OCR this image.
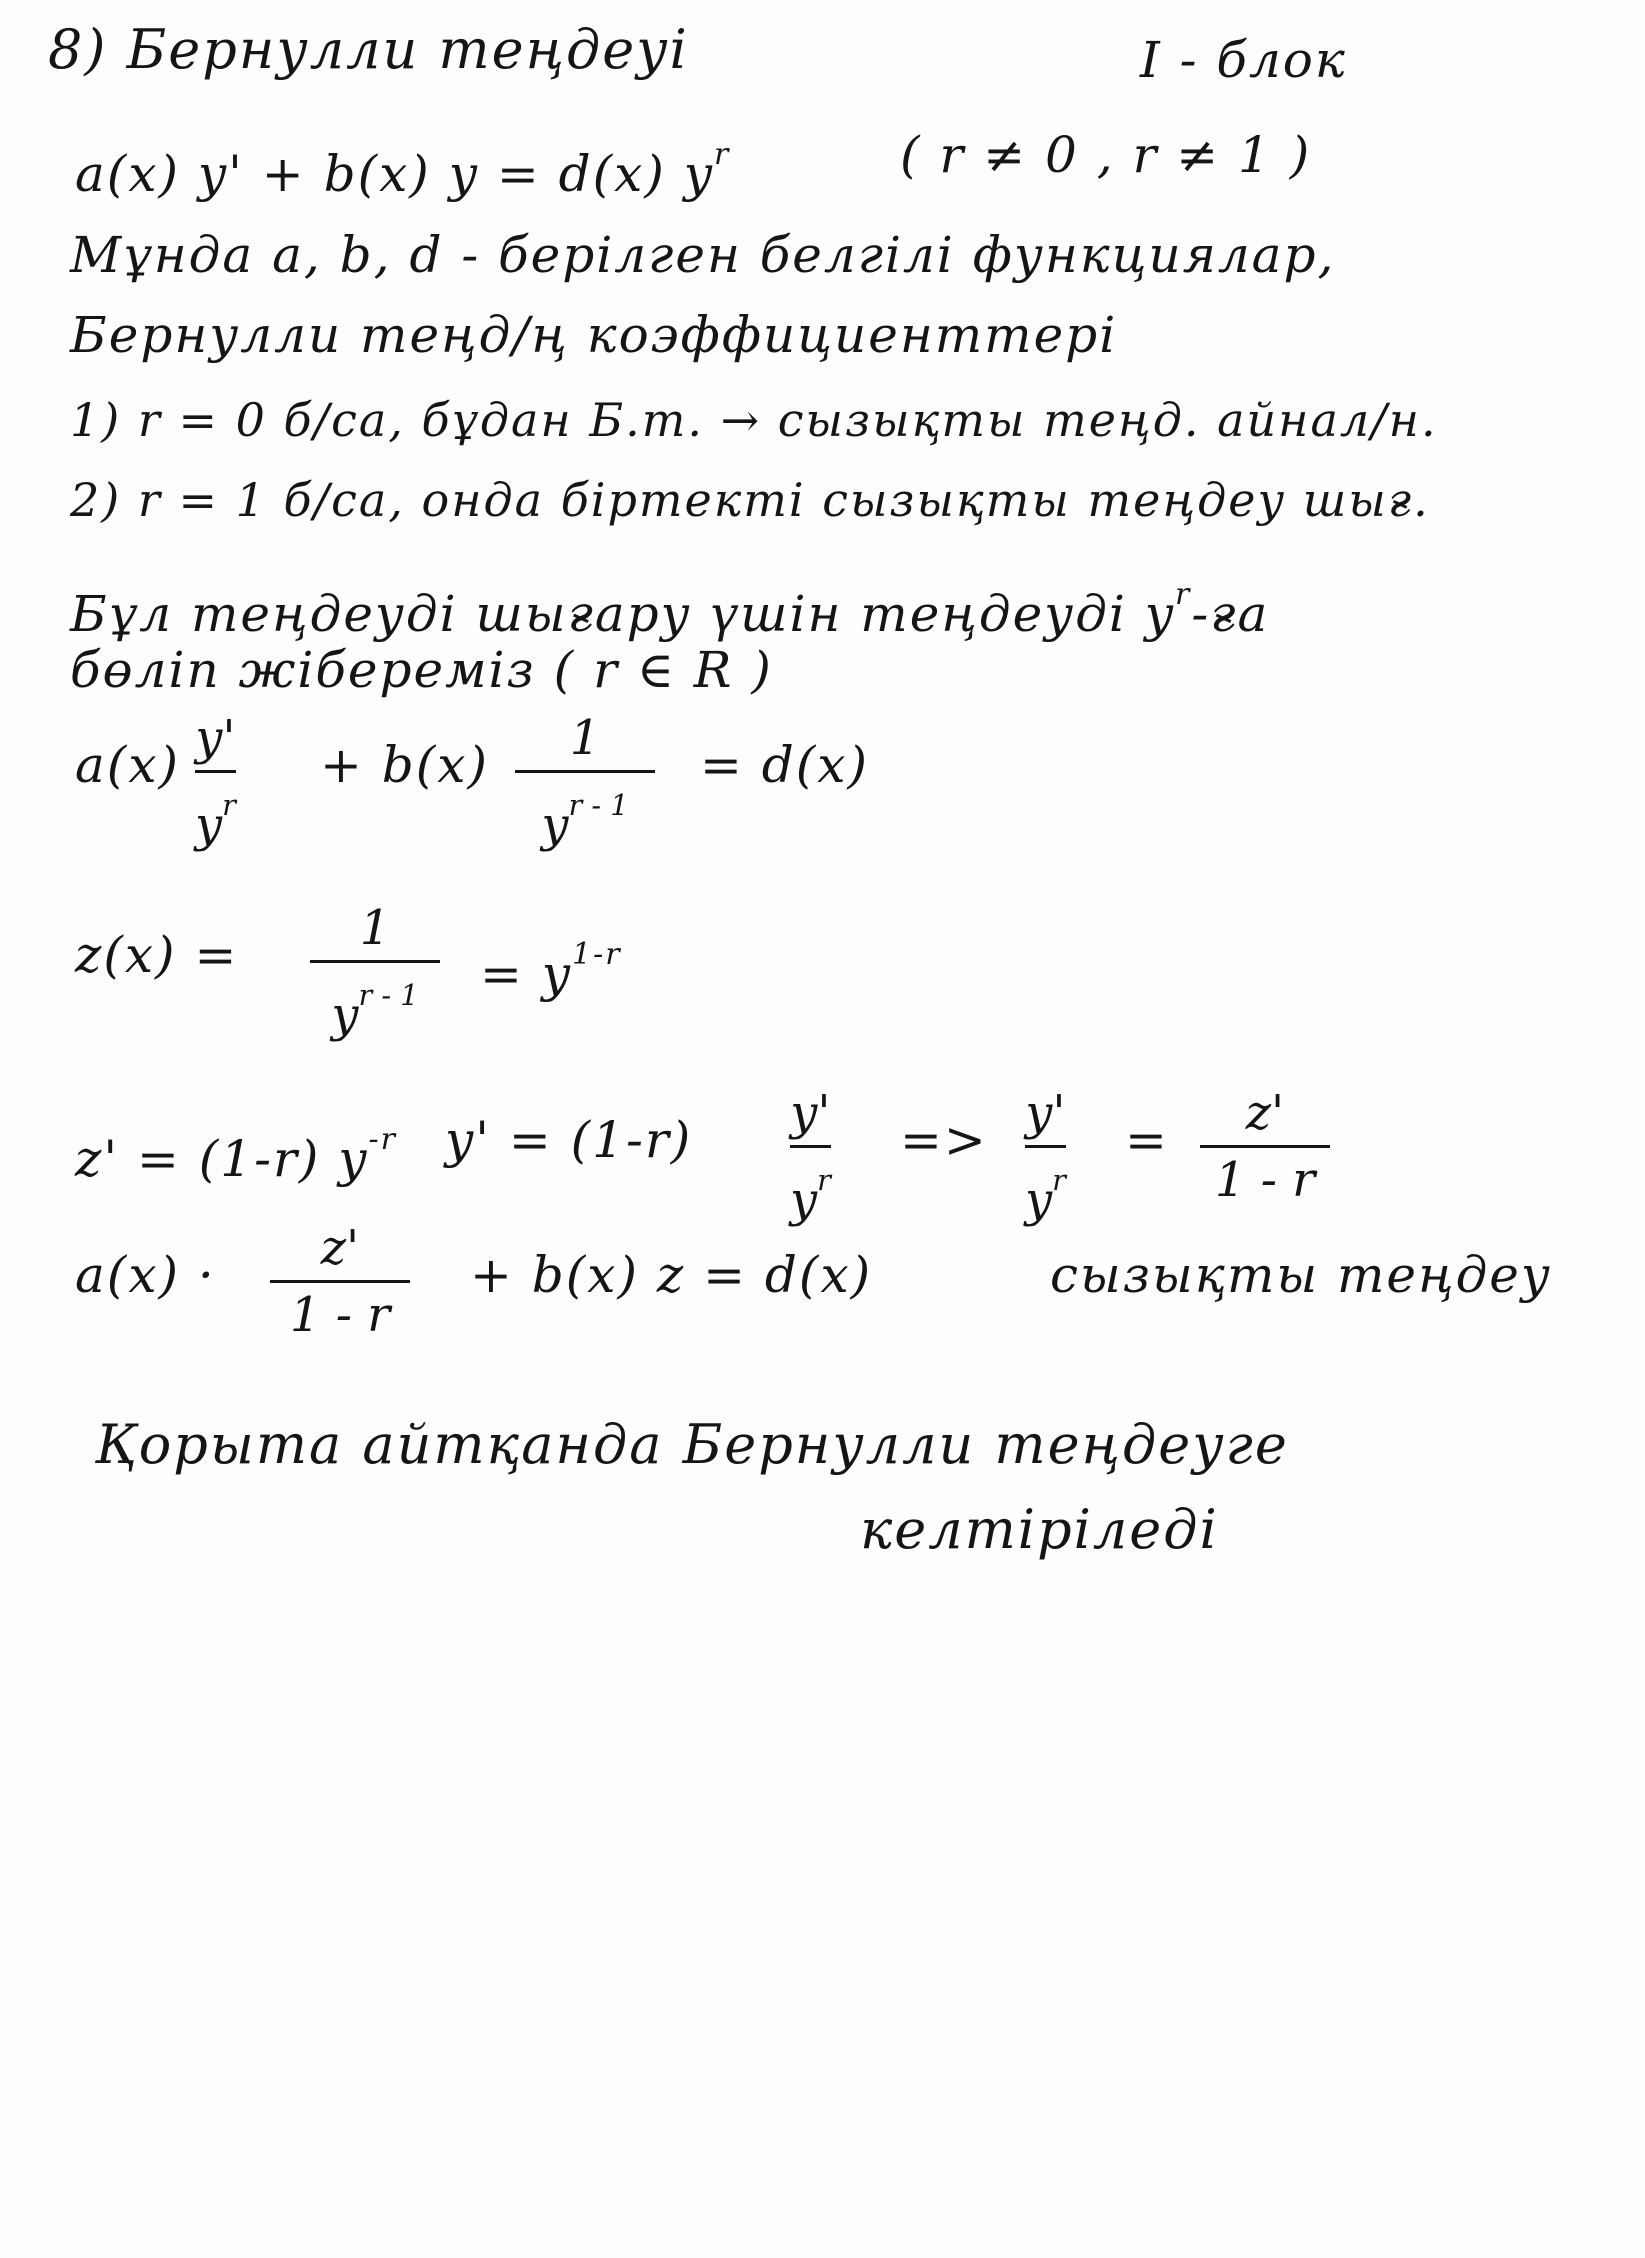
8) Бернулли теңдеуі	I - блок
a(x) y' + b(x) y = d(x) $y^r$	( r ≠ 0 , r ≠ 1 )
Мұнда a, b, d - берілген белгілі функциялар,
Бернулли теңд/ң коэффициенттері
1) r = 0 б/са, бұдан Б.т. → сызықты теңд. айнал/н.
2) r = 1 б/са, онда біртекті сызықты теңдеу шығ.
Бұл теңдеуді шығару үшін теңдеуді $y^r-ға$
бөліп жібереміз ( r ∈ R )
a(x) y'
$y^r$
+ b(x) 1
$y^{r - 1}$
= d(x)
z(x) =	1
$y^{r - 1} = y^{1-r}$
z' = (1-r) $y^{-r}$ y' = (1-r) y'
$y^r$
=> y'
$y^r$
= z'
1 - r
a(x) · z'
1 - r
+ b(x) z = d(x)	сызықты теңдеу
Қорыта айтқанда Бернулли теңдеуге
келтіріледі
